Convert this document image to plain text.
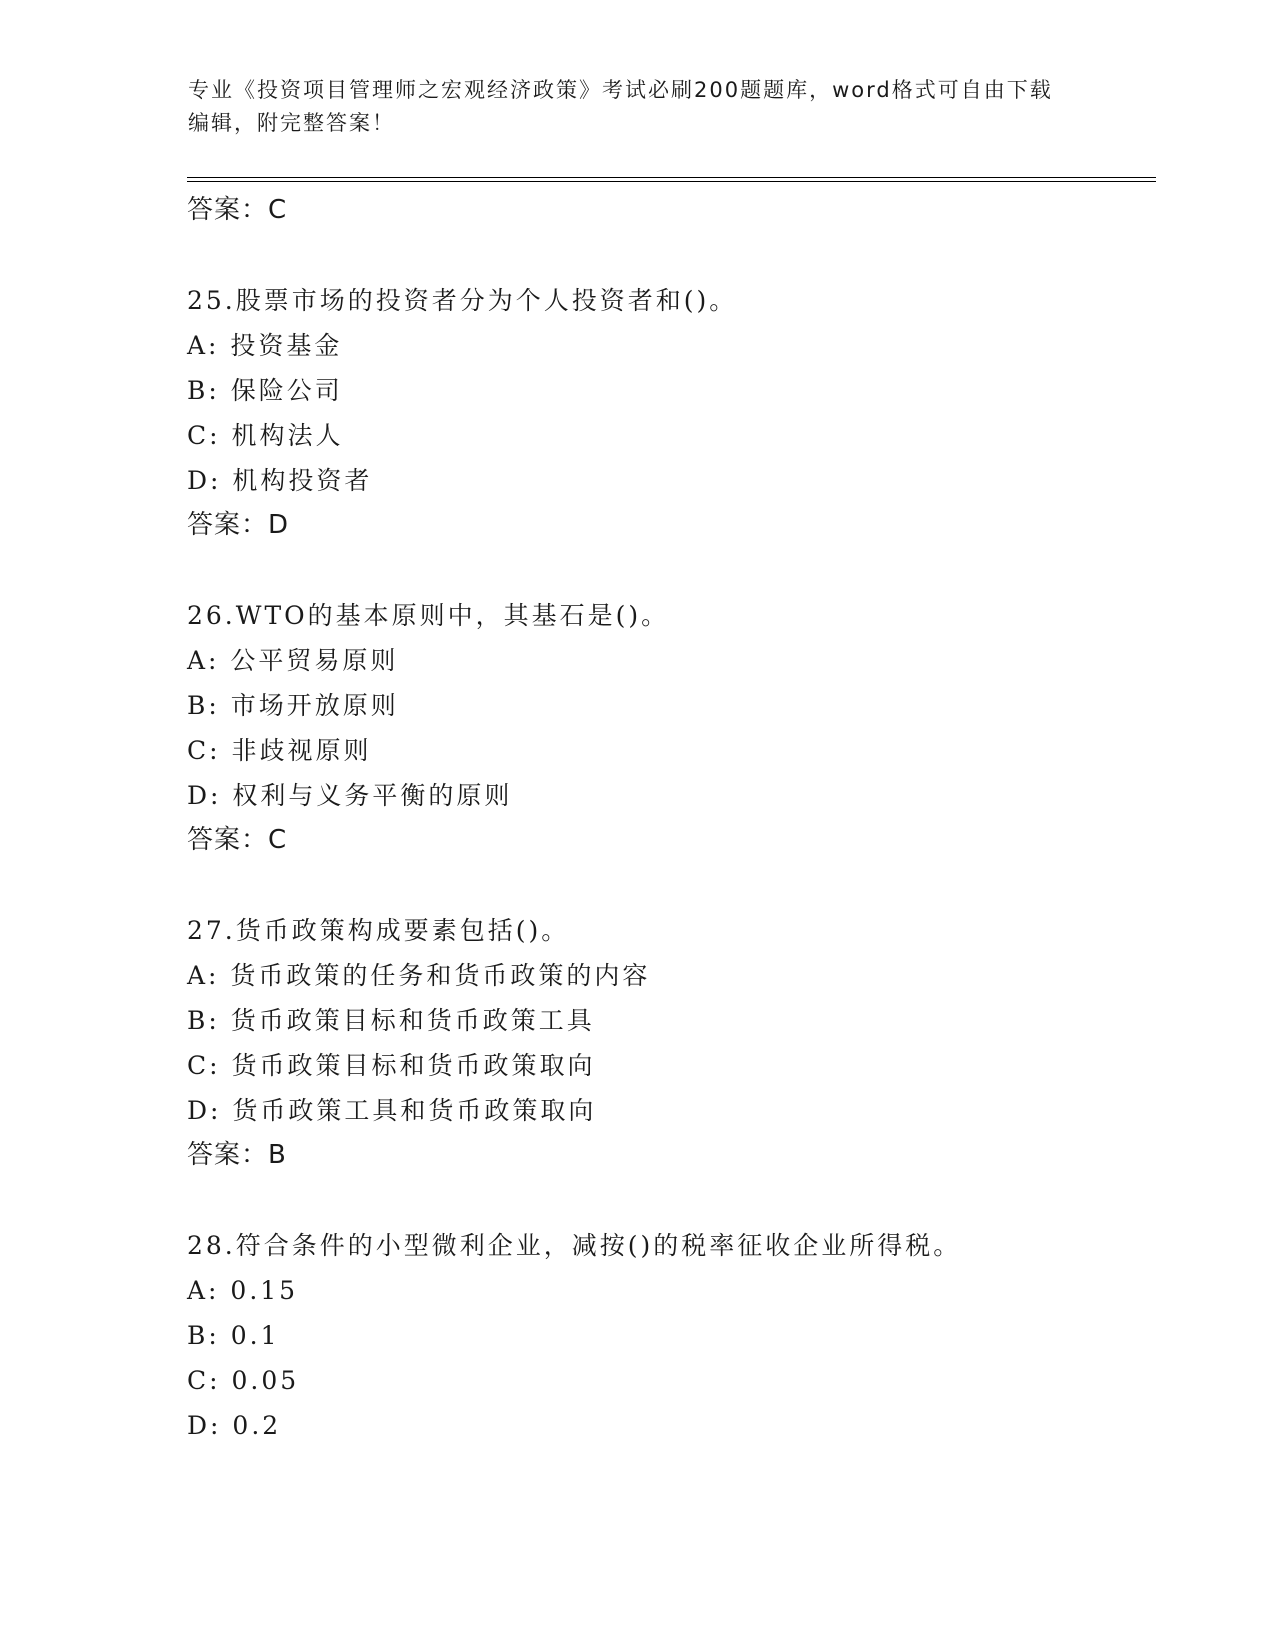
专业《投资项目管理师之宏观经济政策》考试必刷200题题库，word格式可自由下载编辑，附完整答案！

答案：C
25.股票市场的投资者分为个人投资者和()。
A: 投资基金
B: 保险公司
C: 机构法人
D: 机构投资者
答案：D
26.WTO的基本原则中，其基石是()。
A: 公平贸易原则
B: 市场开放原则
C: 非歧视原则
D: 权利与义务平衡的原则
答案：C
27.货币政策构成要素包括()。
A: 货币政策的任务和货币政策的内容
B: 货币政策目标和货币政策工具
C: 货币政策目标和货币政策取向
D: 货币政策工具和货币政策取向
答案：B
28.符合条件的小型微利企业，减按()的税率征收企业所得税。
A: 0.15
B: 0.1
C: 0.05
D: 0.2
